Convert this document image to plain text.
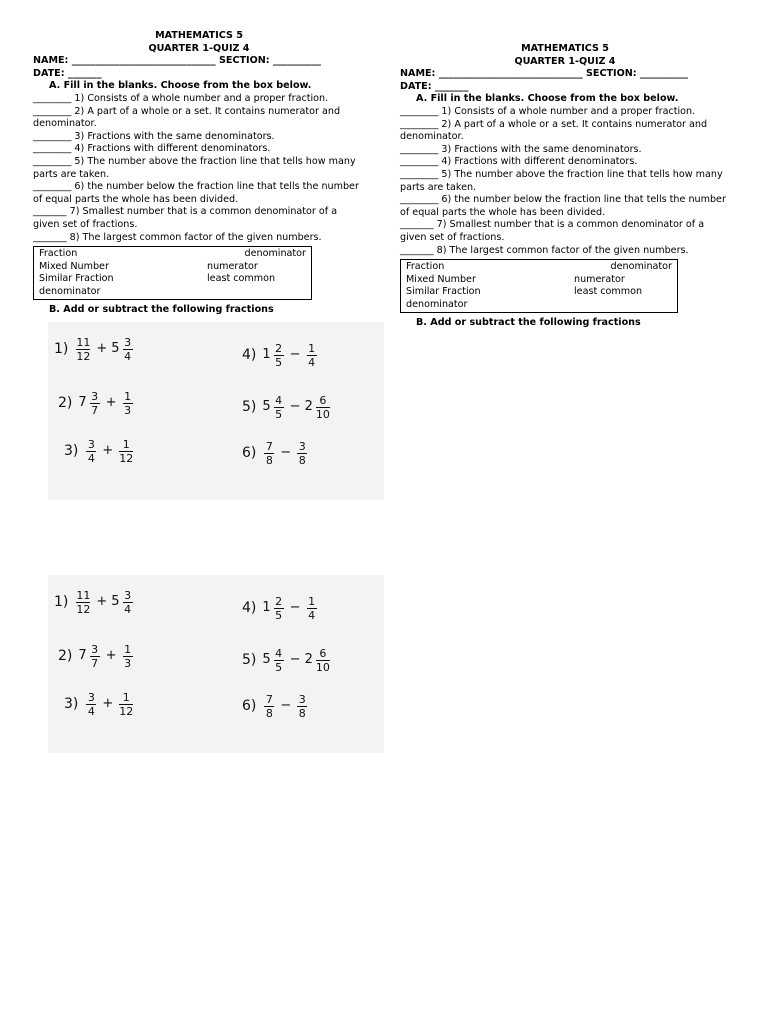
MATHEMATICS 5
QUARTER 1-QUIZ 4
NAME: ______________________________ SECTION: __________
DATE: _______
A. Fill in the blanks. Choose from the box below.
________ 1) Consists of a whole number and a proper fraction.
________ 2) A part of a whole or a set. It contains numerator and denominator.
________ 3) Fractions with the same denominators.
________ 4) Fractions with different denominators.
________ 5) The number above the fraction line that tells how many parts are taken.
________ 6) the number below the fraction line that tells the number of equal parts the whole has been divided.
_______ 7) Smallest number that is a common denominator of a given set of fractions.
_______ 8) The largest common factor of the given numbers.
Fraction	denominator
Mixed Number	numerator
Similar Fraction	least common
denominator
B. Add or subtract the following fractions
MATHEMATICS 5
QUARTER 1-QUIZ 4
NAME: ______________________________ SECTION: __________
DATE: _______
A. Fill in the blanks. Choose from the box below.
________ 1) Consists of a whole number and a proper fraction.
________ 2) A part of a whole or a set. It contains numerator and denominator.
________ 3) Fractions with the same denominators.
________ 4) Fractions with different denominators.
________ 5) The number above the fraction line that tells how many parts are taken.
________ 6) the number below the fraction line that tells the number of equal parts the whole has been divided.
_______ 7) Smallest number that is a common denominator of a given set of fractions.
_______ 8) The largest common factor of the given numbers.
Fraction	denominator
Mixed Number	numerator
Similar Fraction	least common
denominator
B. Add or subtract the following fractions
$1) \frac{11}{12} + 5 \frac{3}{4}$
2) $7 \frac{3}{7} + \frac{1}{3}$
$3) \frac{3}{4} + \frac{1}{12}$
4) $1 \frac{2}{5} - \frac{1}{4}$
5) $5 \frac{4}{5} - 2 \frac{6}{10}$
$6) \frac{7}{8} - \frac{3}{8}$
$1) \frac{11}{12} + 5 \frac{3}{4}$
2) $7 \frac{3}{7} + \frac{1}{3}$
$3) \frac{3}{4} + \frac{1}{12}$
4) $1 \frac{2}{5} - \frac{1}{4}$
5) $5 \frac{4}{5} - 2 \frac{6}{10}$
$6) \frac{7}{8} - \frac{3}{8}$
